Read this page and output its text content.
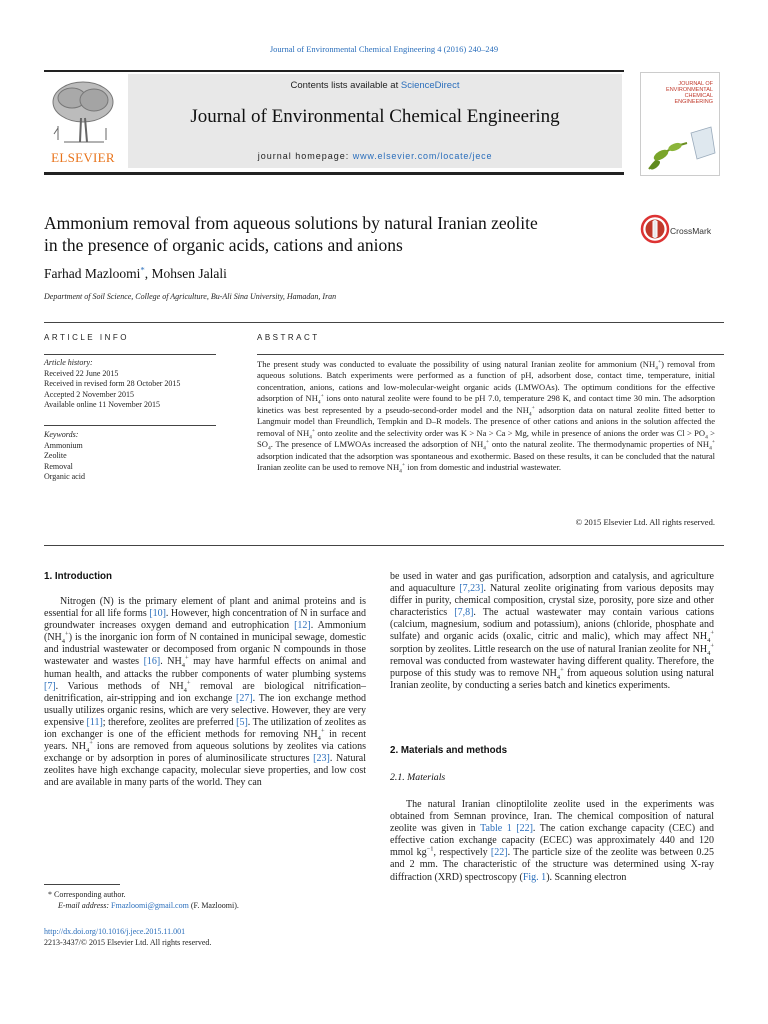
Journal of Environmental Chemical Engineering 4 (2016) 240–249
ELSEVIER
Contents lists available at ScienceDirect
Journal of Environmental Chemical Engineering
journal homepage: www.elsevier.com/locate/jece
JOURNAL OF
ENVIRONMENTAL
CHEMICAL
ENGINEERING
Ammonium removal from aqueous solutions by natural Iranian zeolite
in the presence of organic acids, cations and anions
CrossMark
Farhad Mazloomi*, Mohsen Jalali
Department of Soil Science, College of Agriculture, Bu-Ali Sina University, Hamadan, Iran
ARTICLE INFO	ABSTRACT
Article history:
Received 22 June 2015
Received in revised form 28 October 2015
Accepted 2 November 2015
Available online 11 November 2015
Keywords:
Ammonium
Zeolite
Removal
Organic acid
The present study was conducted to evaluate the possibility of using natural Iranian zeolite for ammonium $(NH_4^+)$ removal from aqueous solutions. Batch experiments were performed as a function of pH, adsorbent dose, contact time, temperature, initial concentration, anions, cations and low-molecular-weight organic acids (LMWOAs). The optimum conditions for the effective adsorption of $NH_4^+$ ions onto natural zeolite were found to be pH 7.0, temperature 298 K, and contact time 30 min. The adsorption kinetics was best represented by a pseudo-second-order model and the $NH_4^+$ adsorption data on natural zeolite fitted better to Langmuir model than Freundlich, Tempkin and D–R models. The presence of other cations and anions in the solution affected the removal of $NH_4^+$ onto zeolite and the selectivity order was K > Na > Ca > Mg, while in presence of anions the order was $Cl > PO_4 > SO_4$. The presence of LMWOAs increased the adsorption of $NH_4^+$ onto the natural zeolite. The thermodynamic properties of $NH_4^+$ adsorption indicated that the adsorption was spontaneous and exothermic. Based on these results, it can be concluded that the natural Iranian zeolite can be used to remove $NH_4^+$ ion from domestic and industrial wastewater.
© 2015 Elsevier Ltd. All rights reserved.
1. Introduction

Nitrogen (N) is the primary element of plant and animal proteins and is essential for all life forms [10]. However, high concentration of N in surface and groundwater increases oxygen demand and eutrophication [12]. Ammonium $(NH_4^+)$ is the inorganic ion form of N contained in municipal sewage, domestic and industrial wastewater or decomposed from organic N compounds in those wastewater and wastes [16]. $NH_4^+$ may have harmful effects on animal and human health, and attacks the rubber components of water plumbing systems [7]. Various methods of $NH_4^+$ removal are biological nitrification–denitrification, air-stripping and ion exchange [27]. The ion exchange method usually utilizes organic resins, which are very selective. However, they are very expensive [11]; therefore, zeolites are preferred [5]. The utilization of zeolites as ion exchanger is one of the efficient methods for removing $NH_4^+$ in recent years. $NH_4^+$ ions are removed from aqueous solutions by zeolites via cations exchange or by adsorption in pores of aluminosilicate structures [23]. Natural zeolites have high exchange capacity, molecular sieve properties, and low cost and are available in many parts of the world. They can

be used in water and gas purification, adsorption and catalysis, and agriculture and aquaculture [7,23]. Natural zeolite originating from various deposits may differ in purity, chemical composition, crystal size, porosity, pore size and other characteristics [7,8]. The actual wastewater may contain various cations (calcium, magnesium, sodium and potassium), anions (chloride, phosphate and sulfate) and organic acids (oxalic, citric and malic), which may affect $NH_4^+$ sorption by zeolites. Little research on the use of natural Iranian zeolite for $NH_4^+$ removal was conducted from wastewater having different quality. Therefore, the purpose of this study was to remove $NH_4^+$ from aqueous solution using natural Iranian zeolite, by conducting a series batch and kinetics experiments.
2. Materials and methods
2.1. Materials

The natural Iranian clinoptilolite zeolite used in the experiments was obtained from Semnan province, Iran. The chemical composition of natural zeolite was given in Table 1 [22]. The cation exchange capacity (CEC) and effective cation exchange capacity (ECEC) was approximately 440 and 120 mmol $kg^{-1}$, respectively [22]. The particle size of the zeolite was between 0.25 and 2 mm. The characteristic of the structure was determined using X-ray diffraction (XRD) spectroscopy (Fig. 1). Scanning electron

* Corresponding author.
E-mail address: Fmazloomi@gmail.com (F. Mazloomi).
http://dx.doi.org/10.1016/j.jece.2015.11.001
2213-3437/© 2015 Elsevier Ltd. All rights reserved.
